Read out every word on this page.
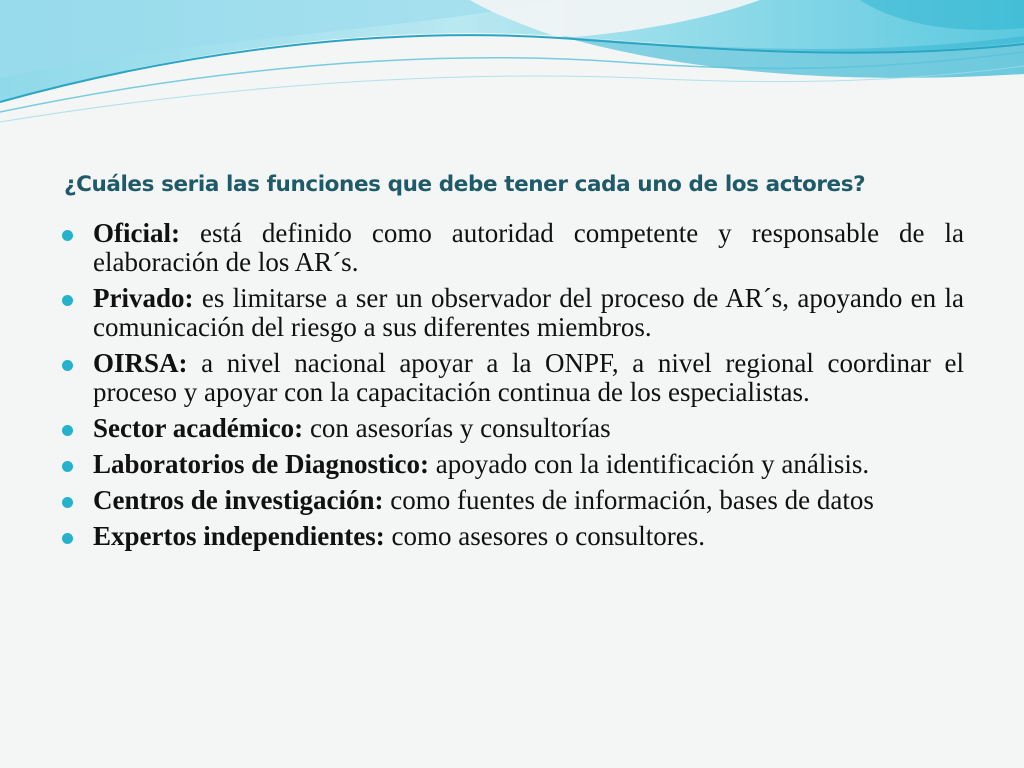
¿Cuáles seria las funciones que debe tener cada uno de los actores?
Oficial: está definido como autoridad competente y responsable de la elaboración de los AR´s.
Privado: es limitarse a ser un observador del proceso de AR´s, apoyando en la comunicación del riesgo a sus diferentes miembros.
OIRSA: a nivel nacional apoyar a la ONPF, a nivel regional coordinar el proceso y apoyar con la capacitación continua de los especialistas.
Sector académico: con asesorías y consultorías
Laboratorios de Diagnostico: apoyado con la identificación y análisis.
Centros de investigación: como fuentes de información, bases de datos
Expertos independientes: como asesores o consultores.
